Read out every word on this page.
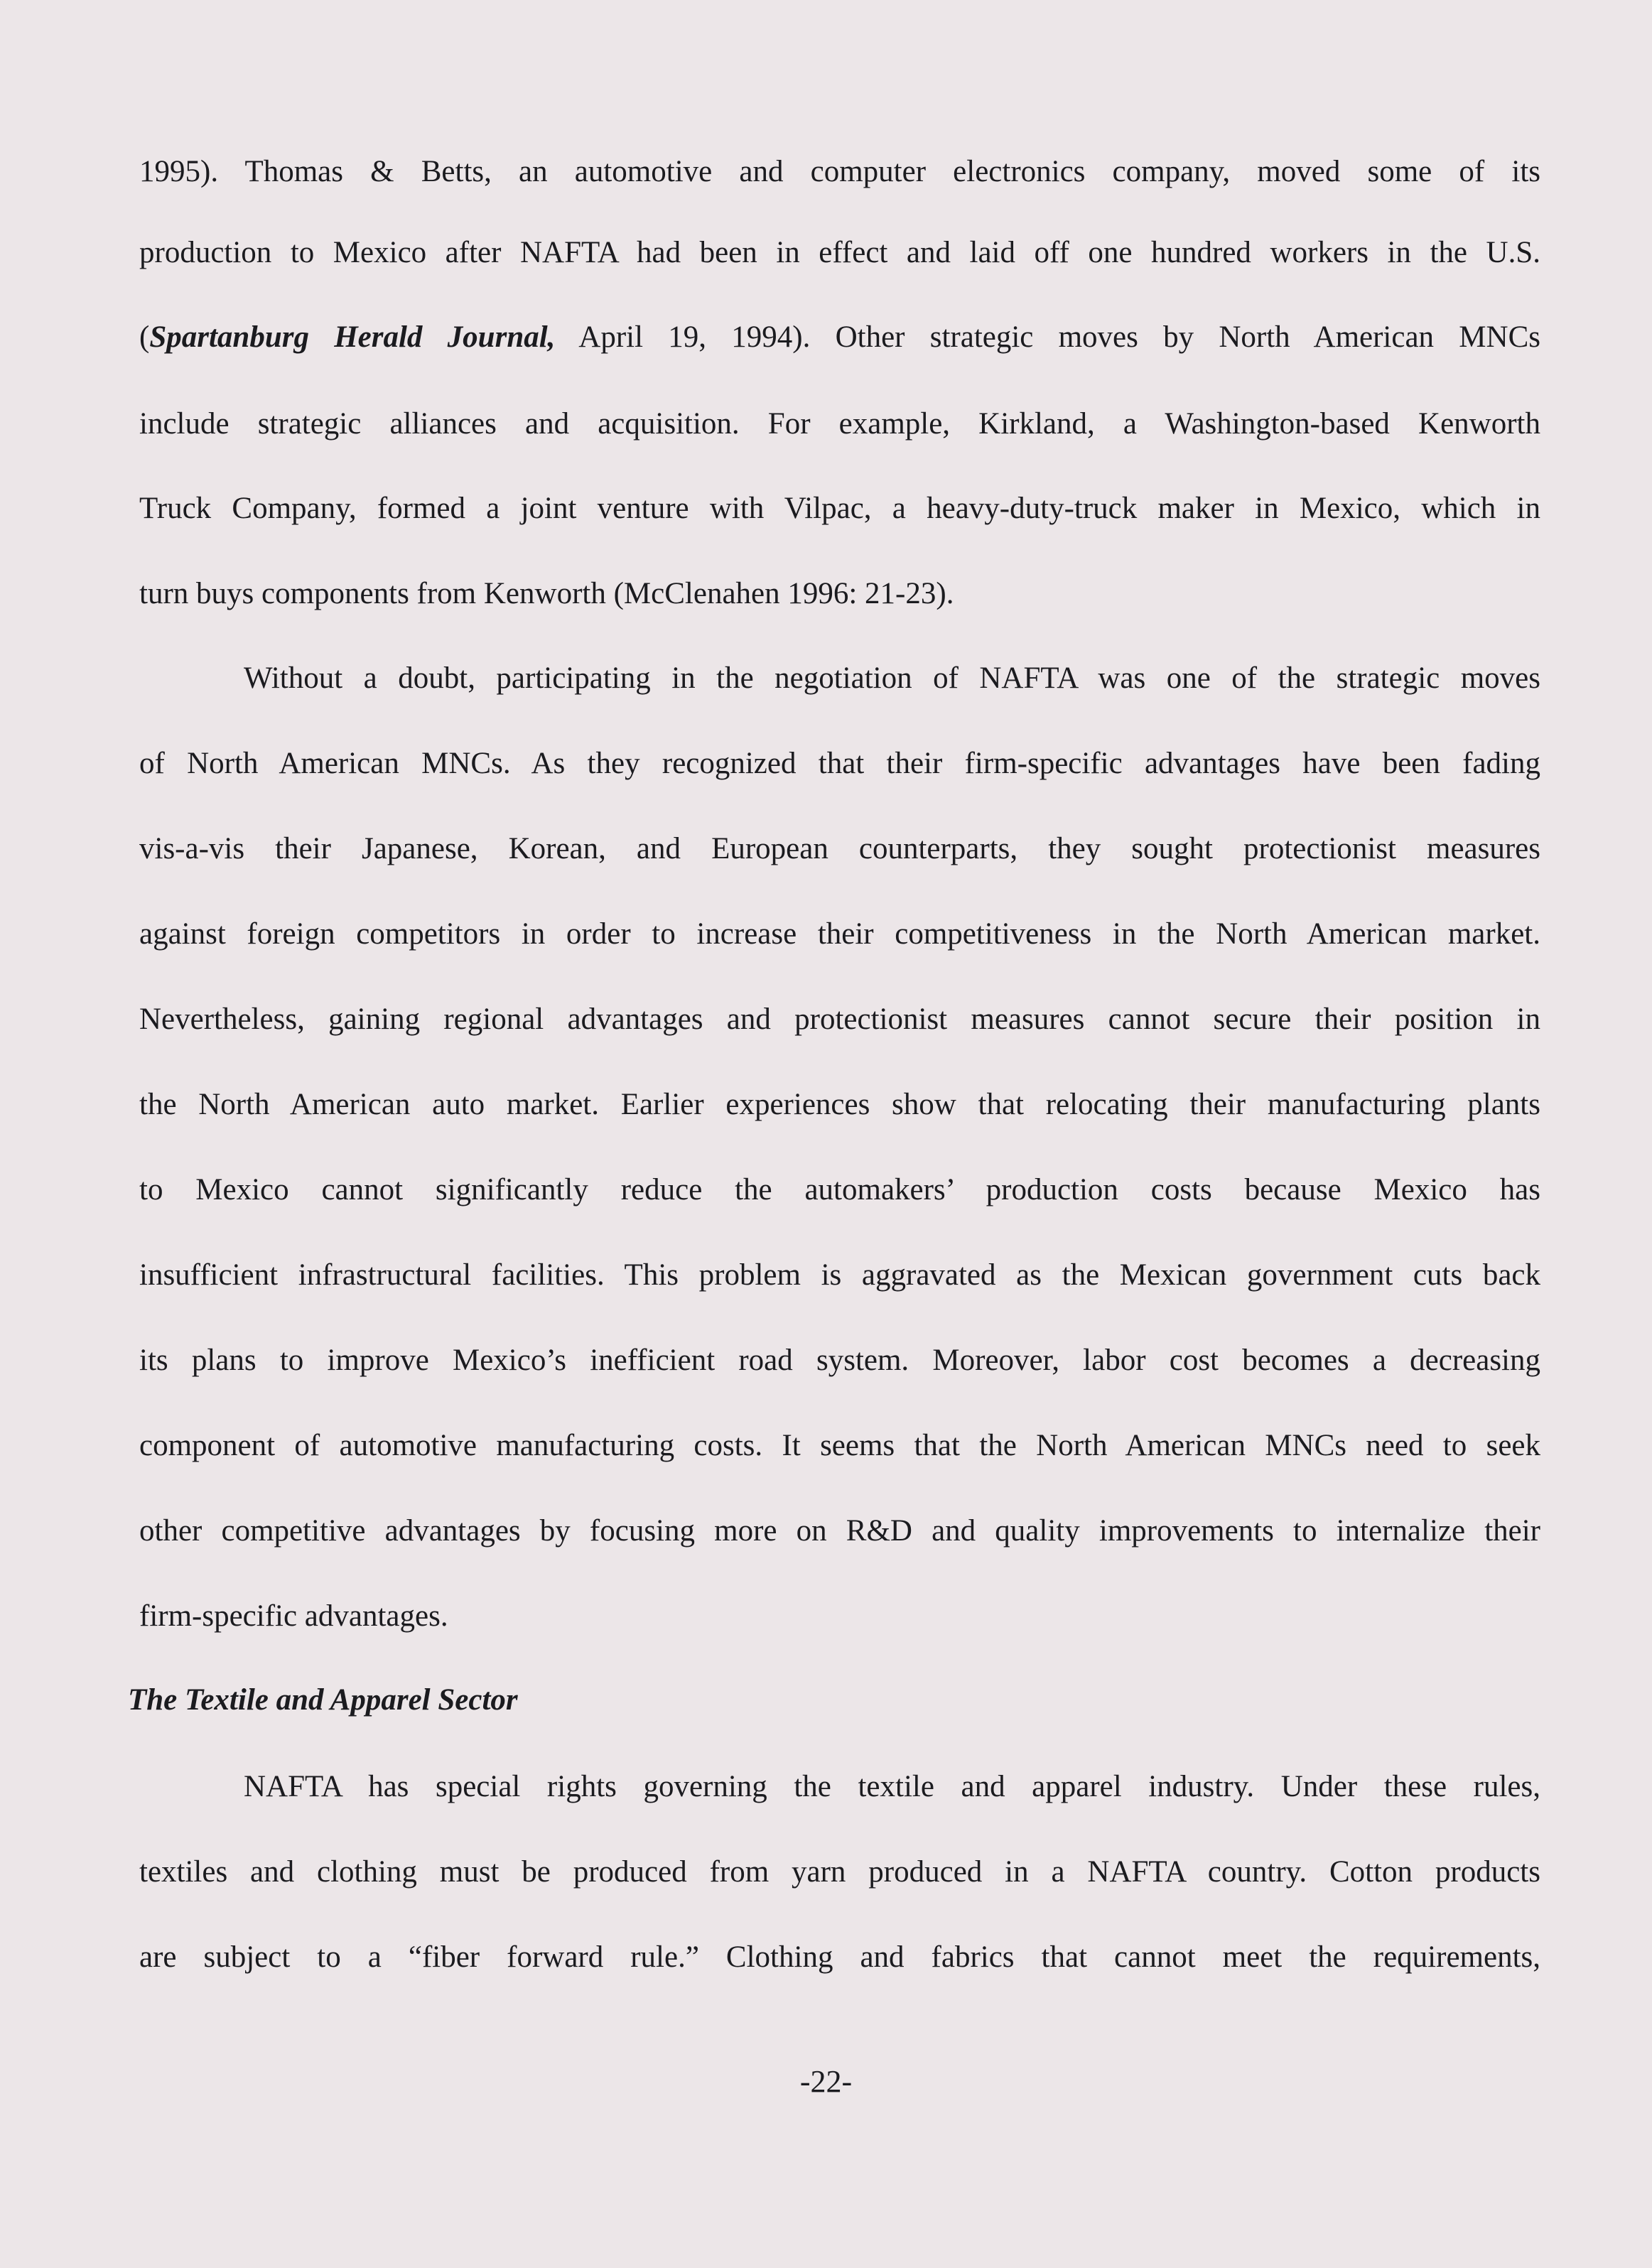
1995). Thomas & Betts, an automotive and computer electronics company, moved some of its
production to Mexico after NAFTA had been in effect and laid off one hundred workers in the U.S.
(Spartanburg Herald Journal, April 19, 1994). Other strategic moves by North American MNCs
include strategic alliances and acquisition. For example, Kirkland, a Washington-based Kenworth
Truck Company, formed a joint venture with Vilpac, a heavy-duty-truck maker in Mexico, which in
turn buys components from Kenworth (McClenahen 1996: 21-23).
Without a doubt, participating in the negotiation of NAFTA was one of the strategic moves
of North American MNCs. As they recognized that their firm-specific advantages have been fading
vis-a-vis their Japanese, Korean, and European counterparts, they sought protectionist measures
against foreign competitors in order to increase their competitiveness in the North American market.
Nevertheless, gaining regional advantages and protectionist measures cannot secure their position in
the North American auto market. Earlier experiences show that relocating their manufacturing plants
to Mexico cannot significantly reduce the automakers’ production costs because Mexico has
insufficient infrastructural facilities. This problem is aggravated as the Mexican government cuts back
its plans to improve Mexico’s inefficient road system. Moreover, labor cost becomes a decreasing
component of automotive manufacturing costs. It seems that the North American MNCs need to seek
other competitive advantages by focusing more on R&D and quality improvements to internalize their
firm-specific advantages.
The Textile and Apparel Sector
NAFTA has special rights governing the textile and apparel industry. Under these rules,
textiles and clothing must be produced from yarn produced in a NAFTA country. Cotton products
are subject to a “fiber forward rule.” Clothing and fabrics that cannot meet the requirements,
-22-
